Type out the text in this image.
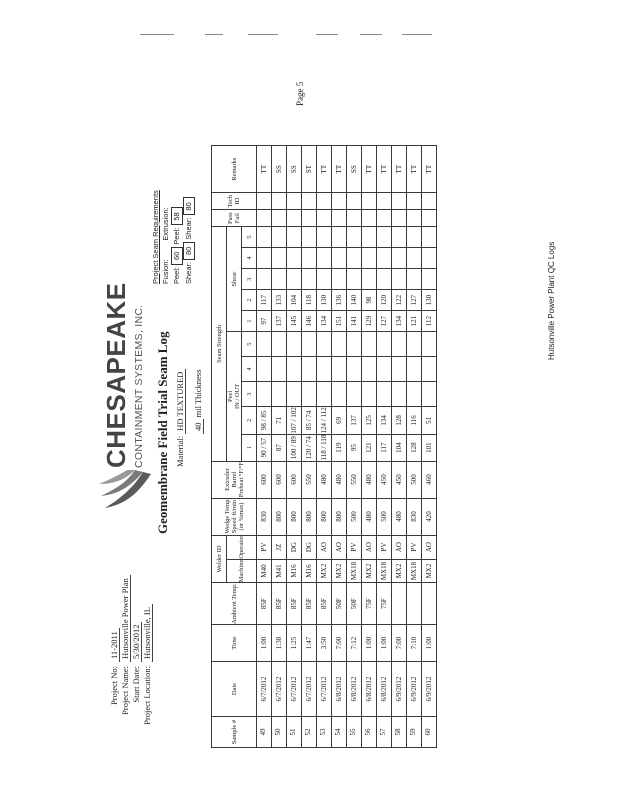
Page 5
Hutsonville Power Plant QC Logs
Project No:11-2011
Project Name:Hutsonville Power Plan
Start Date:5/30/2012
Project Location:Hutsonville, IL
CHESAPEAKE CONTAINMENT SYSTEMS, INC. Geomembrane Field Trial Seam Log Material: HD TEXTURED 40 mil Thickness
Project Seam Requirements Fusion:         Extrusion:
Peel: 60 Peel: 58
Shear: 80 Shear: 80
Sample #	Date	Time	Ambient Temp.	Welder ID		Wedge Temp Speed ft/min (or %max)	Extruder Barrel Preheat °F/°F	Seam Strength										Pass Fail	Tech ID	Remarks
				Machine	Operator			Peel
IN / OUT					Shear							
								1	2	3	4	5	1	2	3	4	5			
49	6/7/2012	1:00	85F	M40	PV	830	600	90 / 57	98 / 85				97	117						TT
50	6/7/2012	1:38	85F	M41	JZ	800	600	87	71				137	133						SS
51	6/7/2012	1:25	85F	M16	DG	800	600	100 / 89	107 / 102				145	104						SS
52	6/7/2012	1:47	85F	M16	DG	800	550	120 / 74	85 / 74				146	118						ST
53	6/7/2012	3:50	85F	MX2	AO	800	480	118 / 118	124 / 112				134	130						TT
54	6/8/2012	7:00	50F	MX2	AO	800	480	119	69				151	136						TT
55	6/8/2012	7:12	50F	MX18	PV	500	550	95	137				141	140						SS
56	6/8/2012	1:00	75F	MX2	AO	480	480	121	125				129	98						TT
57	6/8/2012	1:00	75F	MX18	PV	500	450	117	134				127	120						TT
58	6/9/2012	7:00		MX2	AO	480	450	104	128				134	122						TT
59	6/9/2012	7:10		MX18	PV	830	500	128	116				121	127						TT
60	6/9/2012	1:00		MX2	AO	420	460	101	51				112	130						TT
